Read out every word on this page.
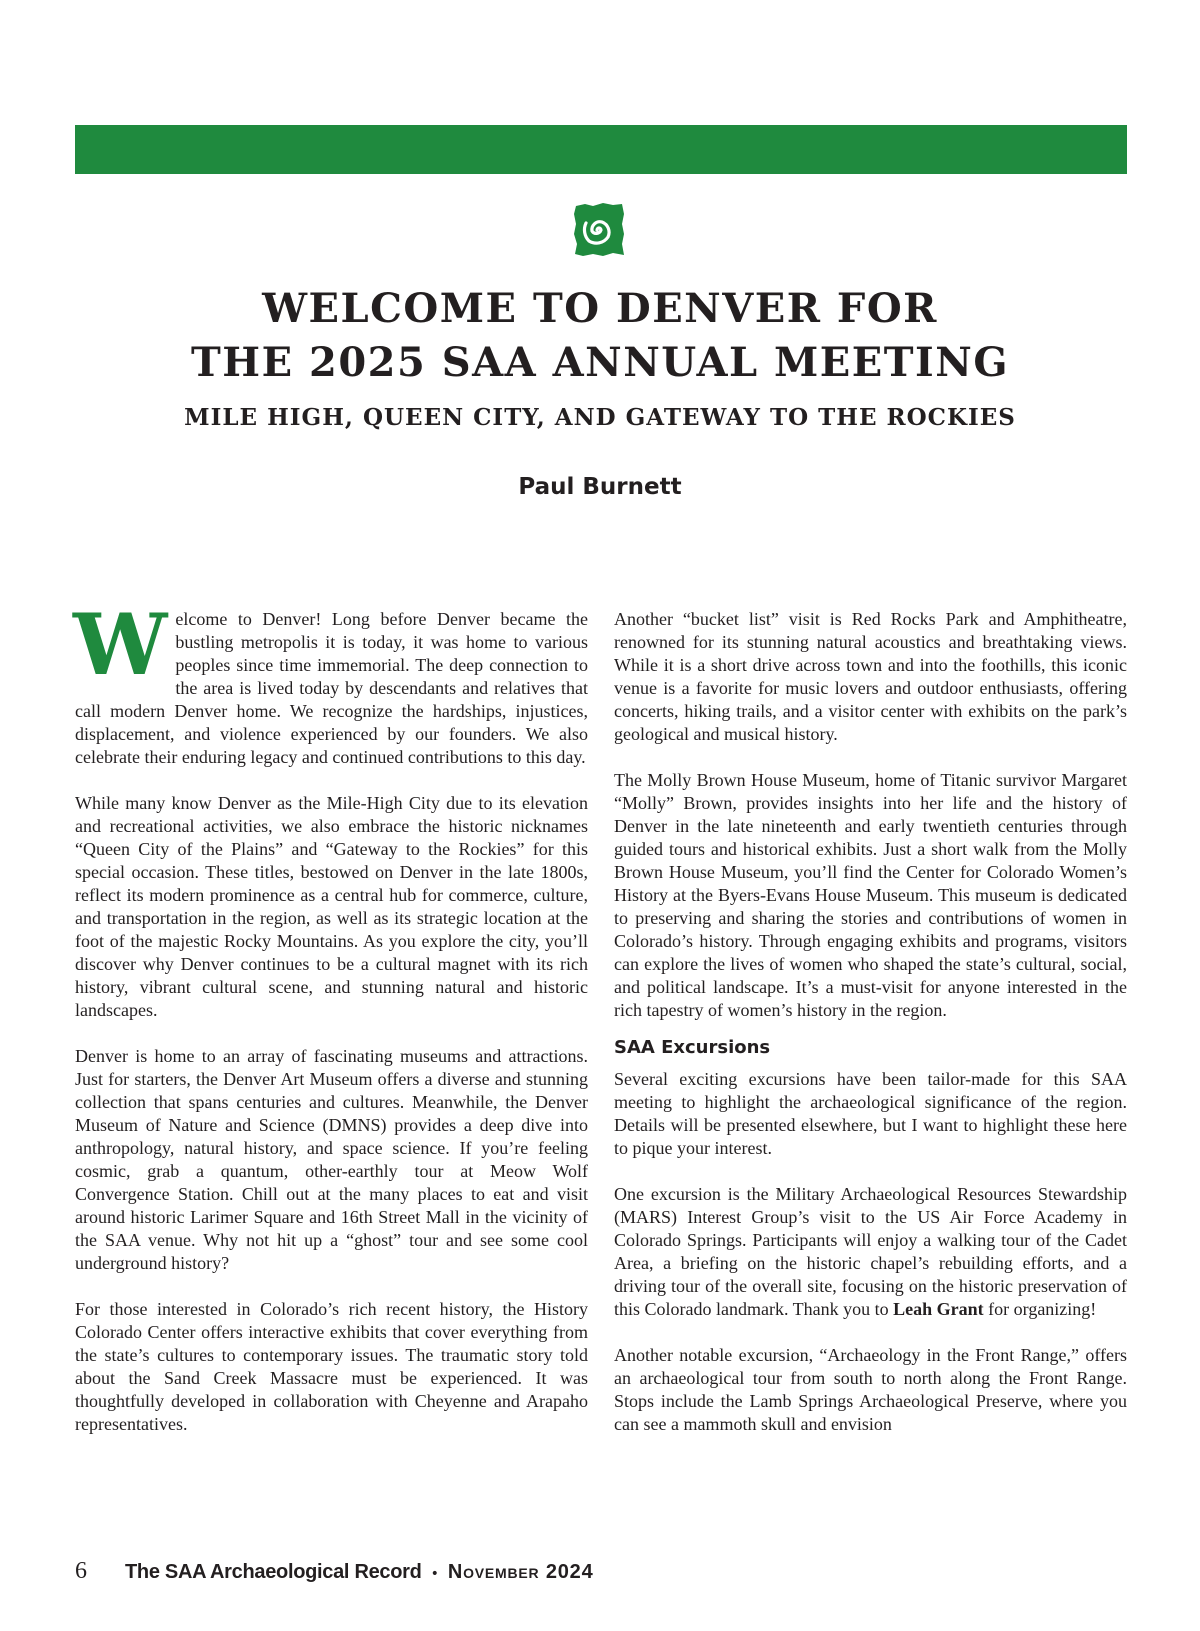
WELCOME TO DENVER FOR
THE 2025 SAA ANNUAL MEETING
MILE HIGH, QUEEN CITY, AND GATEWAY TO THE ROCKIES
Paul Burnett

Welcome to Denver! Long before Denver became the bustling metropolis it is today, it was home to various peoples since time immemorial. The deep connection to the area is lived today by descendants and relatives that call modern Denver home. We recognize the hardships, injustices, displacement, and violence experienced by our founders. We also celebrate their enduring legacy and continued contributions to this day.

While many know Denver as the Mile-High City due to its elevation and recreational activities, we also embrace the historic nicknames “Queen City of the Plains” and “Gateway to the Rockies” for this special occasion. These titles, bestowed on Denver in the late 1800s, reflect its modern prominence as a central hub for commerce, culture, and transportation in the region, as well as its strategic location at the foot of the majestic Rocky Mountains. As you explore the city, you’ll discover why Denver continues to be a cultural magnet with its rich history, vibrant cultural scene, and stunning natural and historic landscapes.

Denver is home to an array of fascinating museums and attractions. Just for starters, the Denver Art Museum offers a diverse and stunning collection that spans centuries and cultures. Meanwhile, the Denver Museum of Nature and Science (DMNS) provides a deep dive into anthropology, natural history, and space science. If you’re feeling cosmic, grab a quantum, other-earthly tour at Meow Wolf Convergence Station. Chill out at the many places to eat and visit around historic Larimer Square and 16th Street Mall in the vicinity of the SAA venue. Why not hit up a “ghost” tour and see some cool underground history?

For those interested in Colorado’s rich recent history, the History Colorado Center offers interactive exhibits that cover everything from the state’s cultures to contemporary issues. The traumatic story told about the Sand Creek Massacre must be experienced. It was thoughtfully developed in collaboration with Cheyenne and Arapaho representatives.

Another “bucket list” visit is Red Rocks Park and Amphitheatre, renowned for its stunning natural acoustics and breathtaking views. While it is a short drive across town and into the foothills, this iconic venue is a favorite for music lovers and outdoor enthusiasts, offering concerts, hiking trails, and a visitor center with exhibits on the park’s geological and musical history.

The Molly Brown House Museum, home of Titanic survivor Margaret “Molly” Brown, provides insights into her life and the history of Denver in the late nineteenth and early twentieth centuries through guided tours and historical exhibits. Just a short walk from the Molly Brown House Museum, you’ll find the Center for Colorado Women’s History at the Byers-Evans House Museum. This museum is dedicated to preserving and sharing the stories and contributions of women in Colorado’s history. Through engaging exhibits and programs, visitors can explore the lives of women who shaped the state’s cultural, social, and political landscape. It’s a must-visit for anyone interested in the rich tapestry of women’s history in the region.

SAA Excursions

Several exciting excursions have been tailor-made for this SAA meeting to highlight the archaeological significance of the region. Details will be presented elsewhere, but I want to highlight these here to pique your interest.

One excursion is the Military Archaeological Resources Stewardship (MARS) Interest Group’s visit to the US Air Force Academy in Colorado Springs. Participants will enjoy a walking tour of the Cadet Area, a briefing on the historic chapel’s rebuilding efforts, and a driving tour of the overall site, focusing on the historic preservation of this Colorado landmark. Thank you to Leah Grant for organizing!

Another notable excursion, “Archaeology in the Front Range,” offers an archaeological tour from south to north along the Front Range. Stops include the Lamb Springs Archaeological Preserve, where you can see a mammoth skull and envision

6 The SAA Archaeological Record • November 2024
